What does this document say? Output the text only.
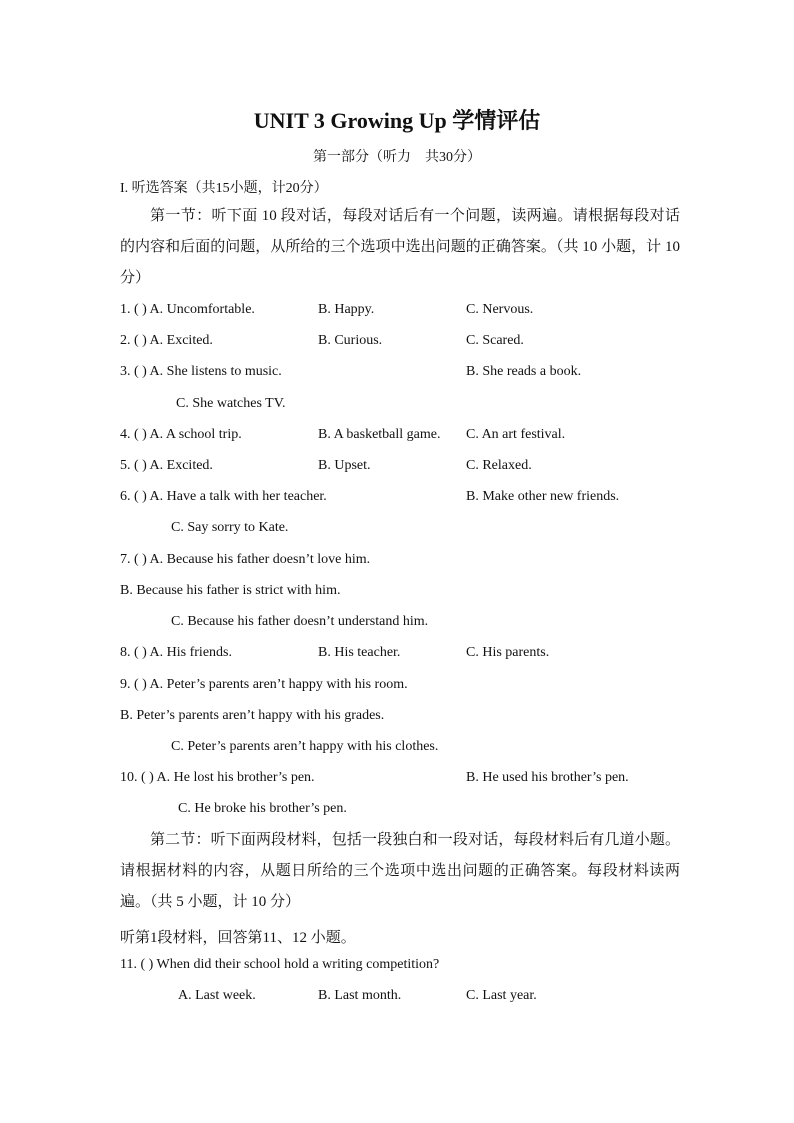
UNIT 3 Growing Up 学情评估
第一部分（听力　共30分）
I. 听选答案（共15小题，计20分）
第一节：听下面 10 段对话，每段对话后有一个问题，读两遍。请根据每段对话的内容和后面的问题，从所给的三个选项中选出问题的正确答案。（共 10 小题，计 10 分）
1. ( ) A. Uncomfortable.	B. Happy.	C. Nervous.
2. ( ) A. Excited.	B. Curious.	C. Scared.
3. ( ) A. She listens to music.	B. She reads a book.
C. She watches TV.
4. ( ) A. A school trip.	B. A basketball game. C. An art festival.
5. ( ) A. Excited.	B. Upset.	C. Relaxed.
6. ( ) A. Have a talk with her teacher.	B. Make other new friends.
C. Say sorry to Kate.
7. ( ) A. Because his father doesn’t love him.
B. Because his father is strict with him.
C. Because his father doesn’t understand him.
8. ( ) A. His friends.	B. His teacher.	C. His parents.
9. ( ) A. Peter’s parents aren’t happy with his room.
B. Peter’s parents aren’t happy with his grades.
C. Peter’s parents aren’t happy with his clothes.
10. ( ) A. He lost his brother’s pen.	B. He used his brother’s pen.
C. He broke his brother’s pen.
第二节：听下面两段材料，包括一段独白和一段对话，每段材料后有几道小题。请根据材料的内容，从题日所给的三个选项中选出问题的正确答案。每段材料读两遍。（共 5 小题，计 10 分）
听第1段材料，回答第11、12 小题。
11. ( ) When did their school hold a writing competition?
A. Last week.	B. Last month.	C. Last year.
